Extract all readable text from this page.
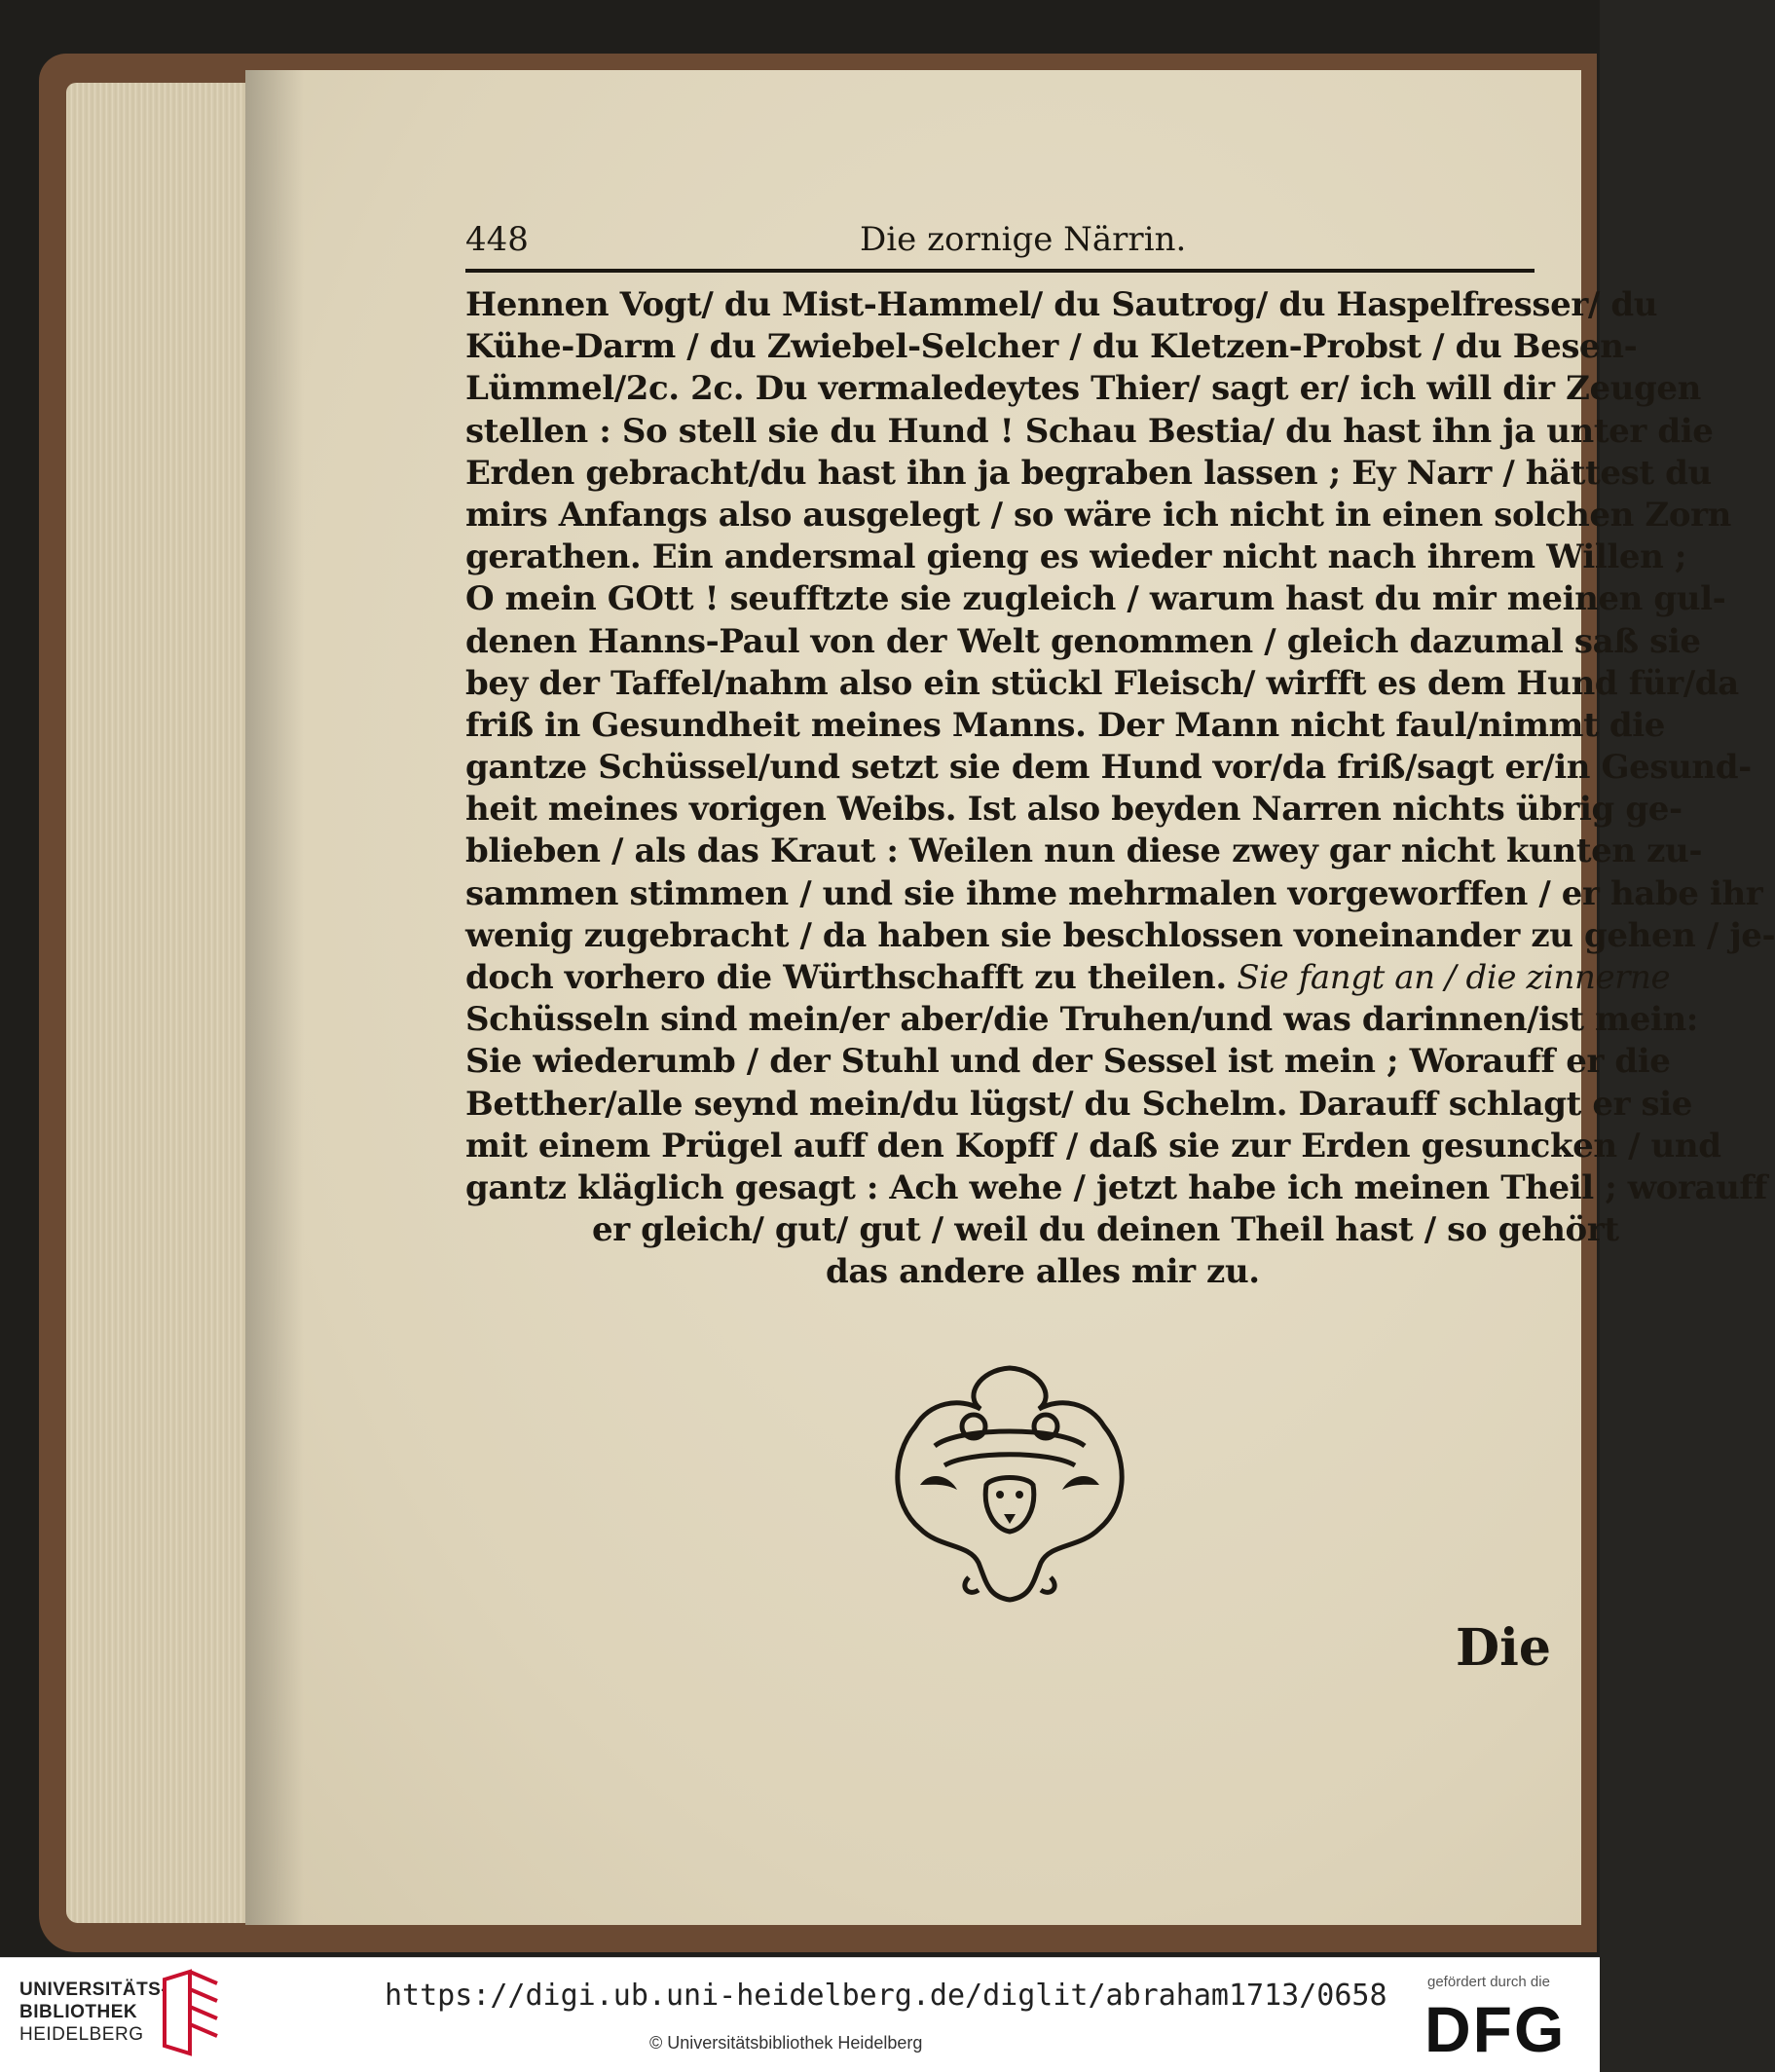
448	Die zornige Närrin.
Hennen Vogt/ du Mist-Hammel/ du Sautrog/ du Haspelfresser/ du
Kühe-Darm / du Zwiebel-Selcher / du Kletzen-Probst / du Besen-
Lümmel/2c. 2c. Du vermaledeytes Thier/ sagt er/ ich will dir Zeugen
stellen : So stell sie du Hund ! Schau Bestia/ du hast ihn ja unter die
Erden gebracht/du hast ihn ja begraben lassen ; Ey Narr / hättest du
mirs Anfangs also ausgelegt / so wäre ich nicht in einen solchen Zorn
gerathen. Ein andersmal gieng es wieder nicht nach ihrem Willen ;
O mein GOtt ! seufftzte sie zugleich / warum hast du mir meinen gul-
denen Hanns-Paul von der Welt genommen / gleich dazumal saß sie
bey der Taffel/nahm also ein stückl Fleisch/ wirfft es dem Hund für/da
friß in Gesundheit meines Manns. Der Mann nicht faul/nimmt die
gantze Schüssel/und setzt sie dem Hund vor/da friß/sagt er/in Gesund-
heit meines vorigen Weibs. Ist also beyden Narren nichts übrig ge-
blieben / als das Kraut : Weilen nun diese zwey gar nicht kunten zu-
sammen stimmen / und sie ihme mehrmalen vorgeworffen / er habe ihr
wenig zugebracht / da haben sie beschlossen voneinander zu gehen / je-
doch vorhero die Würthschafft zu theilen. Sie fangt an / die zinnerne
Schüsseln sind mein/er aber/die Truhen/und was darinnen/ist mein:
Sie wiederumb / der Stuhl und der Sessel ist mein ; Worauff er die
Betther/alle seynd mein/du lügst/ du Schelm. Darauff schlagt er sie
mit einem Prügel auff den Kopff / daß sie zur Erden gesuncken / und
gantz kläglich gesagt : Ach wehe / jetzt habe ich meinen Theil ; worauff
er gleich/ gut/ gut / weil du deinen Theil hast / so gehört
das andere alles mir zu.
Die
UNIVERSITÄTS-
BIBLIOTHEK
HEIDELBERG
https://digi.ub.uni-heidelberg.de/diglit/abraham1713/0658
© Universitätsbibliothek Heidelberg
gefördert durch die
DFG
